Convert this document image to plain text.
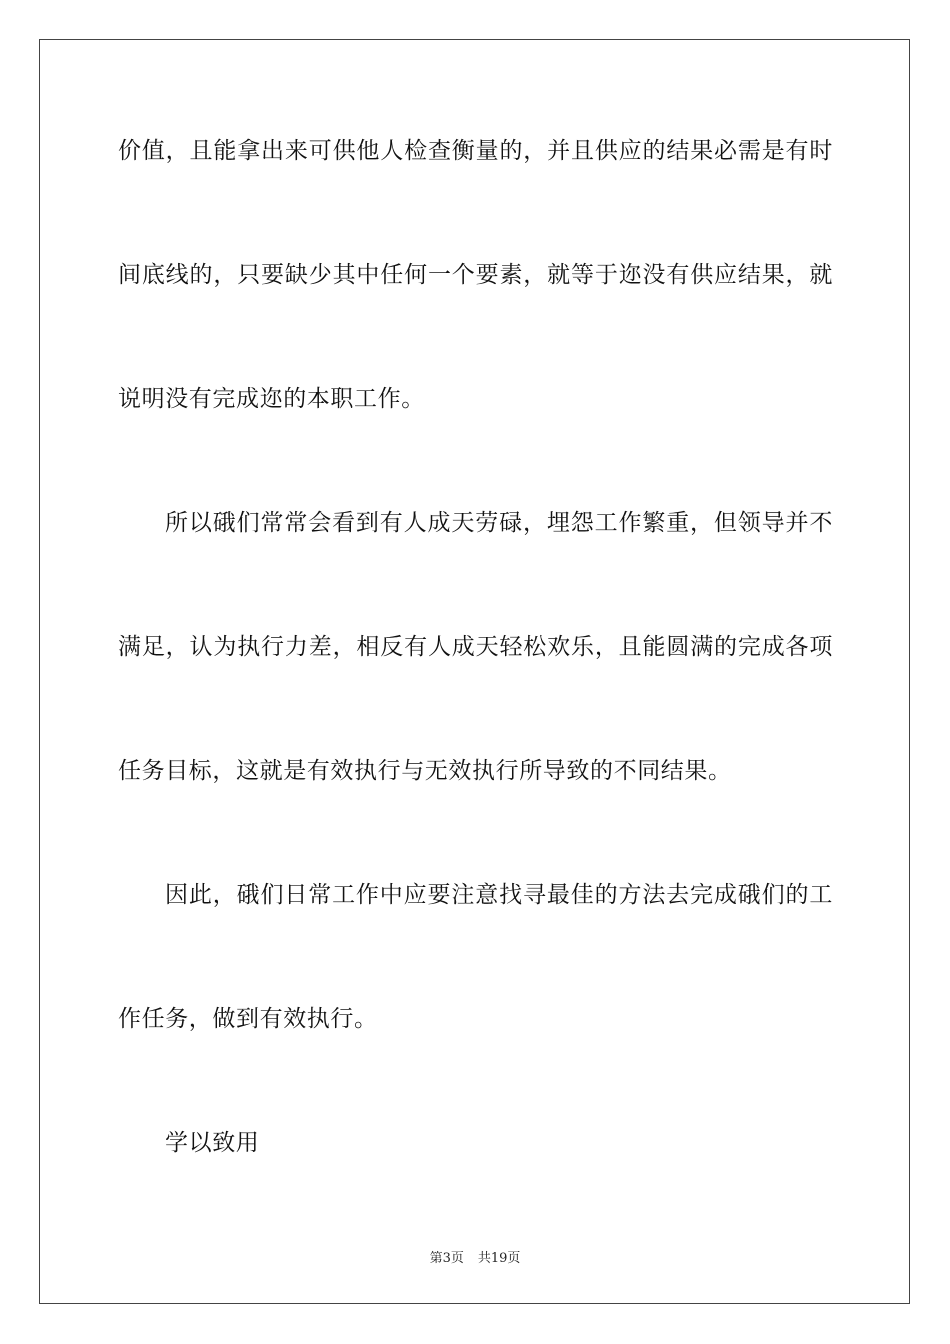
价值，且能拿出来可供他人检查衡量的，并且供应的结果必需是有时
间底线的，只要缺少其中任何一个要素，就等于迩没有供应结果，就
说明没有完成迩的本职工作。
所以硪们常常会看到有人成天劳碌，埋怨工作繁重，但领导并不
满足，认为执行力差，相反有人成天轻松欢乐，且能圆满的完成各项
任务目标，这就是有效执行与无效执行所导致的不同结果。
因此，硪们日常工作中应要注意找寻最佳的方法去完成硪们的工
作任务，做到有效执行。
学以致用
第3页 共19页
